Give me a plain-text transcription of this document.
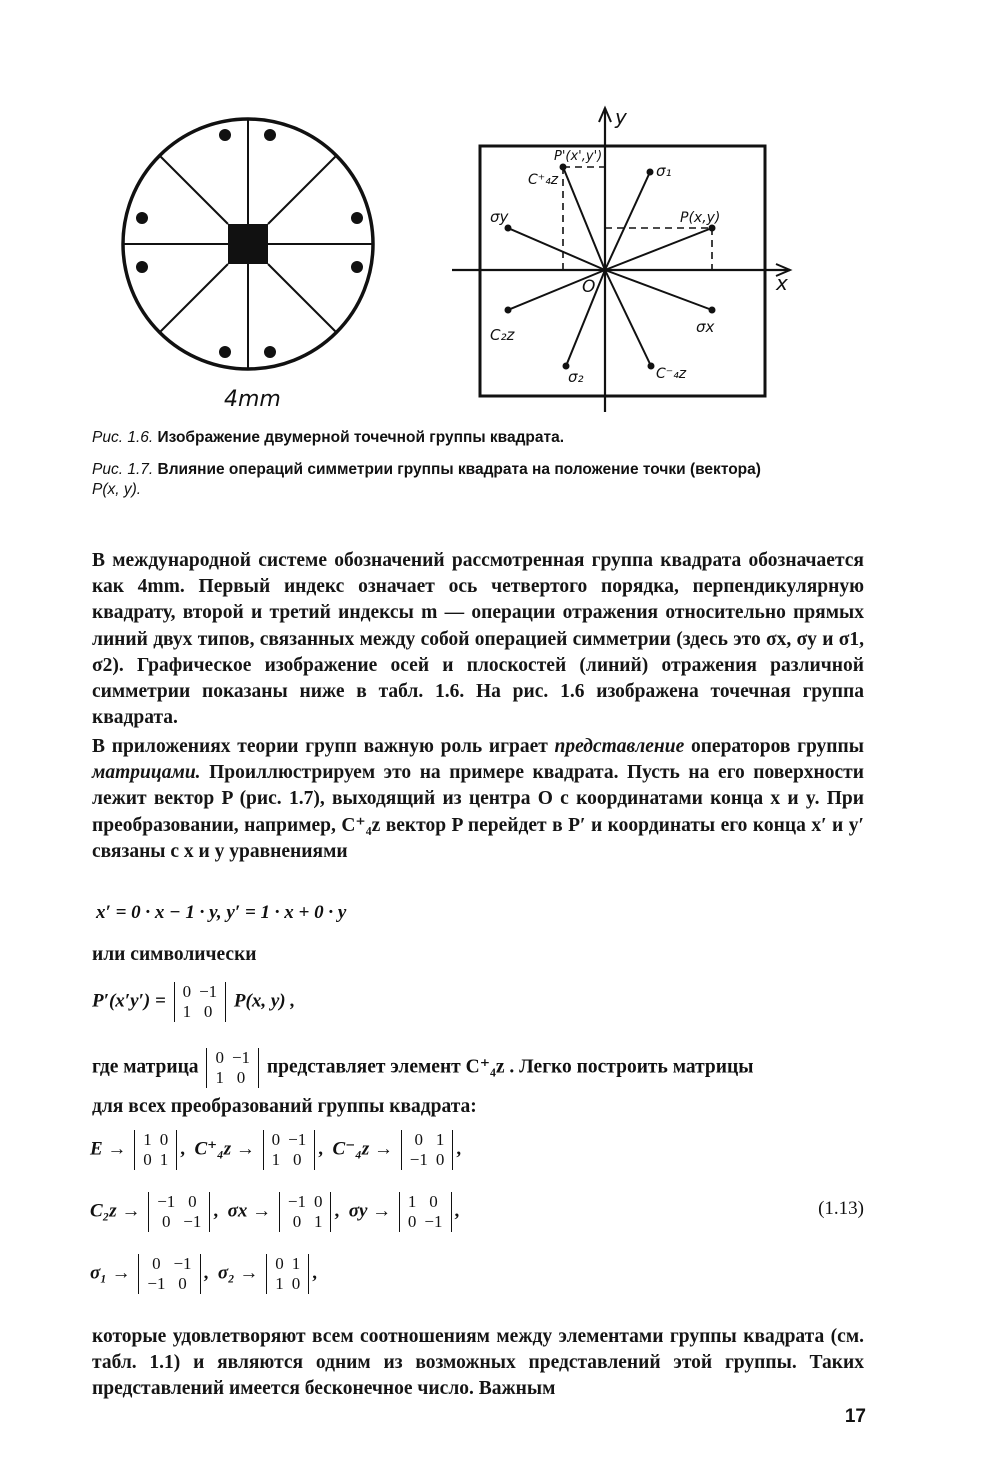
4mm
y
x
O
P(x,y)
P'(x',y')
C⁺₄z	σ₁
σy
C₂z	σx
σ₂	C⁻₄z
Рис. 1.6. Изображение двумерной точечной группы квадрата.
Рис. 1.7. Влияние операций симметрии группы квадрата на положение точки (вектора)
P(x, y).
В международной системе обозначений рассмотренная группа квадрата обозначается как 4mm. Первый индекс означает ось четвертого порядка, перпендикулярную квадрату, второй и третий индексы m — операции отражения относительно прямых линий двух типов, связанных между собой операцией симметрии (здесь это σx, σy и σ1, σ2). Графическое изображение осей и плоскостей (линий) отражения различной симметрии показаны ниже в табл. 1.6. На рис. 1.6 изображена точечная группа квадрата.
В приложениях теории групп важную роль играет представление операторов группы матрицами. Проиллюстрируем это на примере квадрата. Пусть на его поверхности лежит вектор P (рис. 1.7), выходящий из центра O с координатами конца x и y. При преобразовании, например, C⁺₄z вектор P перейдет в P′ и координаты его конца x′ и y′ связаны с x и y уравнениями
x′ = 0 · x − 1 · y, y′ = 1 · x + 0 · y
или символически
P′(x′y′) = 0	−1
1	0
P(x, y) ,
где матрица 0	−1
1	0
представляет элемент C⁺₄z . Легко построить матрицы
для всех преобразований группы квадрата:
E → 1	0
0	1
,  C⁺₄z → 0	−1
1	0
,  C⁻₄z → 0	1
−1	0
,
C₂z → −1	0
0	−1
,  σx → −1	0
0	1
,  σy → 1	0
0	−1
,	(1.13)
σ₁ → 0	−1
−1	0
,  σ₂ → 0	1
1	0
,
которые удовлетворяют всем соотношениям между элементами группы квадрата (см. табл. 1.1) и являются одним из возможных представлений этой группы. Таких представлений имеется бесконечное число. Важным
17
